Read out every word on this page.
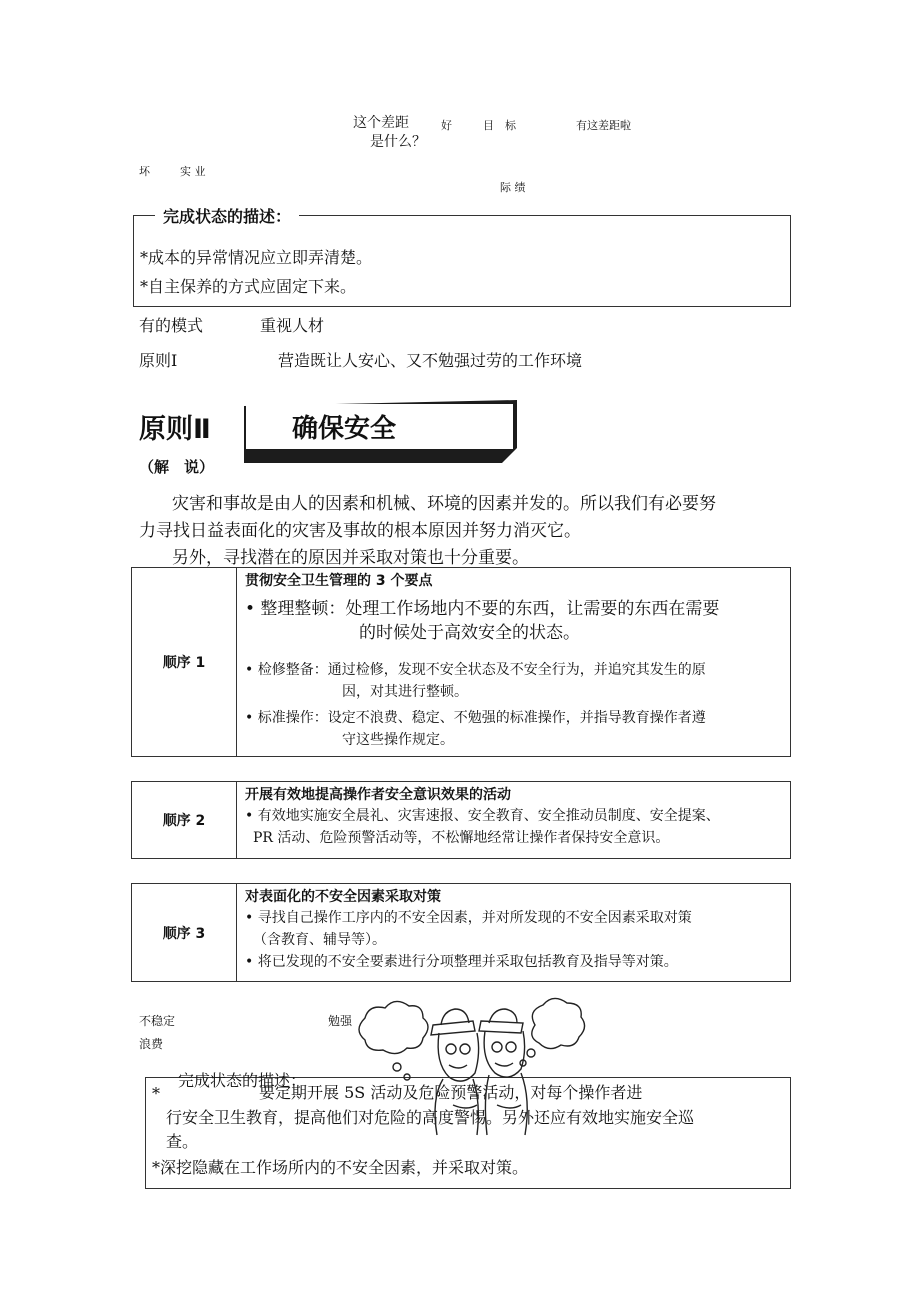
这个差距
是什么？
好	目　标	有这差距啦
坏	实 业
际 绩
*成本的异常情况应立即弄清楚。
*自主保养的方式应固定下来。
完成状态的描述：
有的模式	重视人材
原则Ⅰ	营造既让人安心、又不勉强过劳的工作环境
原则Ⅱ	确保安全
（解　说）
灾害和事故是由人的因素和机械、环境的因素并发的。所以我们有必要努
力寻找日益表面化的灾害及事故的根本原因并努力消灭它。
另外，寻找潜在的原因并采取对策也十分重要。
顺序 1
贯彻安全卫生管理的 3 个要点
• 整理整顿：处理工作场地内不要的东西，让需要的东西在需要
的时候处于高效安全的状态。
• 检修整备：通过检修，发现不安全状态及不安全行为，并追究其发生的原
因，对其进行整顿。
• 标准操作：设定不浪费、稳定、不勉强的标准操作，并指导教育操作者遵
守这些操作规定。
顺序 2
开展有效地提高操作者安全意识效果的活动
• 有效地实施安全晨礼、灾害速报、安全教育、安全推动员制度、安全提案、
PR 活动、危险预警活动等，不松懈地经常让操作者保持安全意识。
顺序 3
对表面化的不安全因素采取对策
• 寻找自己操作工序内的不安全因素，并对所发现的不安全因素采取对策
（含教育、辅导等）。
• 将已发现的不安全要素进行分项整理并采取包括教育及指导等对策。
不稳定	勉强
浪费
*	要定期开展 5S 活动及危险预警活动，对每个操作者进
行安全卫生教育，提高他们对危险的高度警惕。另外还应有效地实施安全巡
查。
*深挖隐藏在工作场所内的不安全因素，并采取对策。
完成状态的描述：
